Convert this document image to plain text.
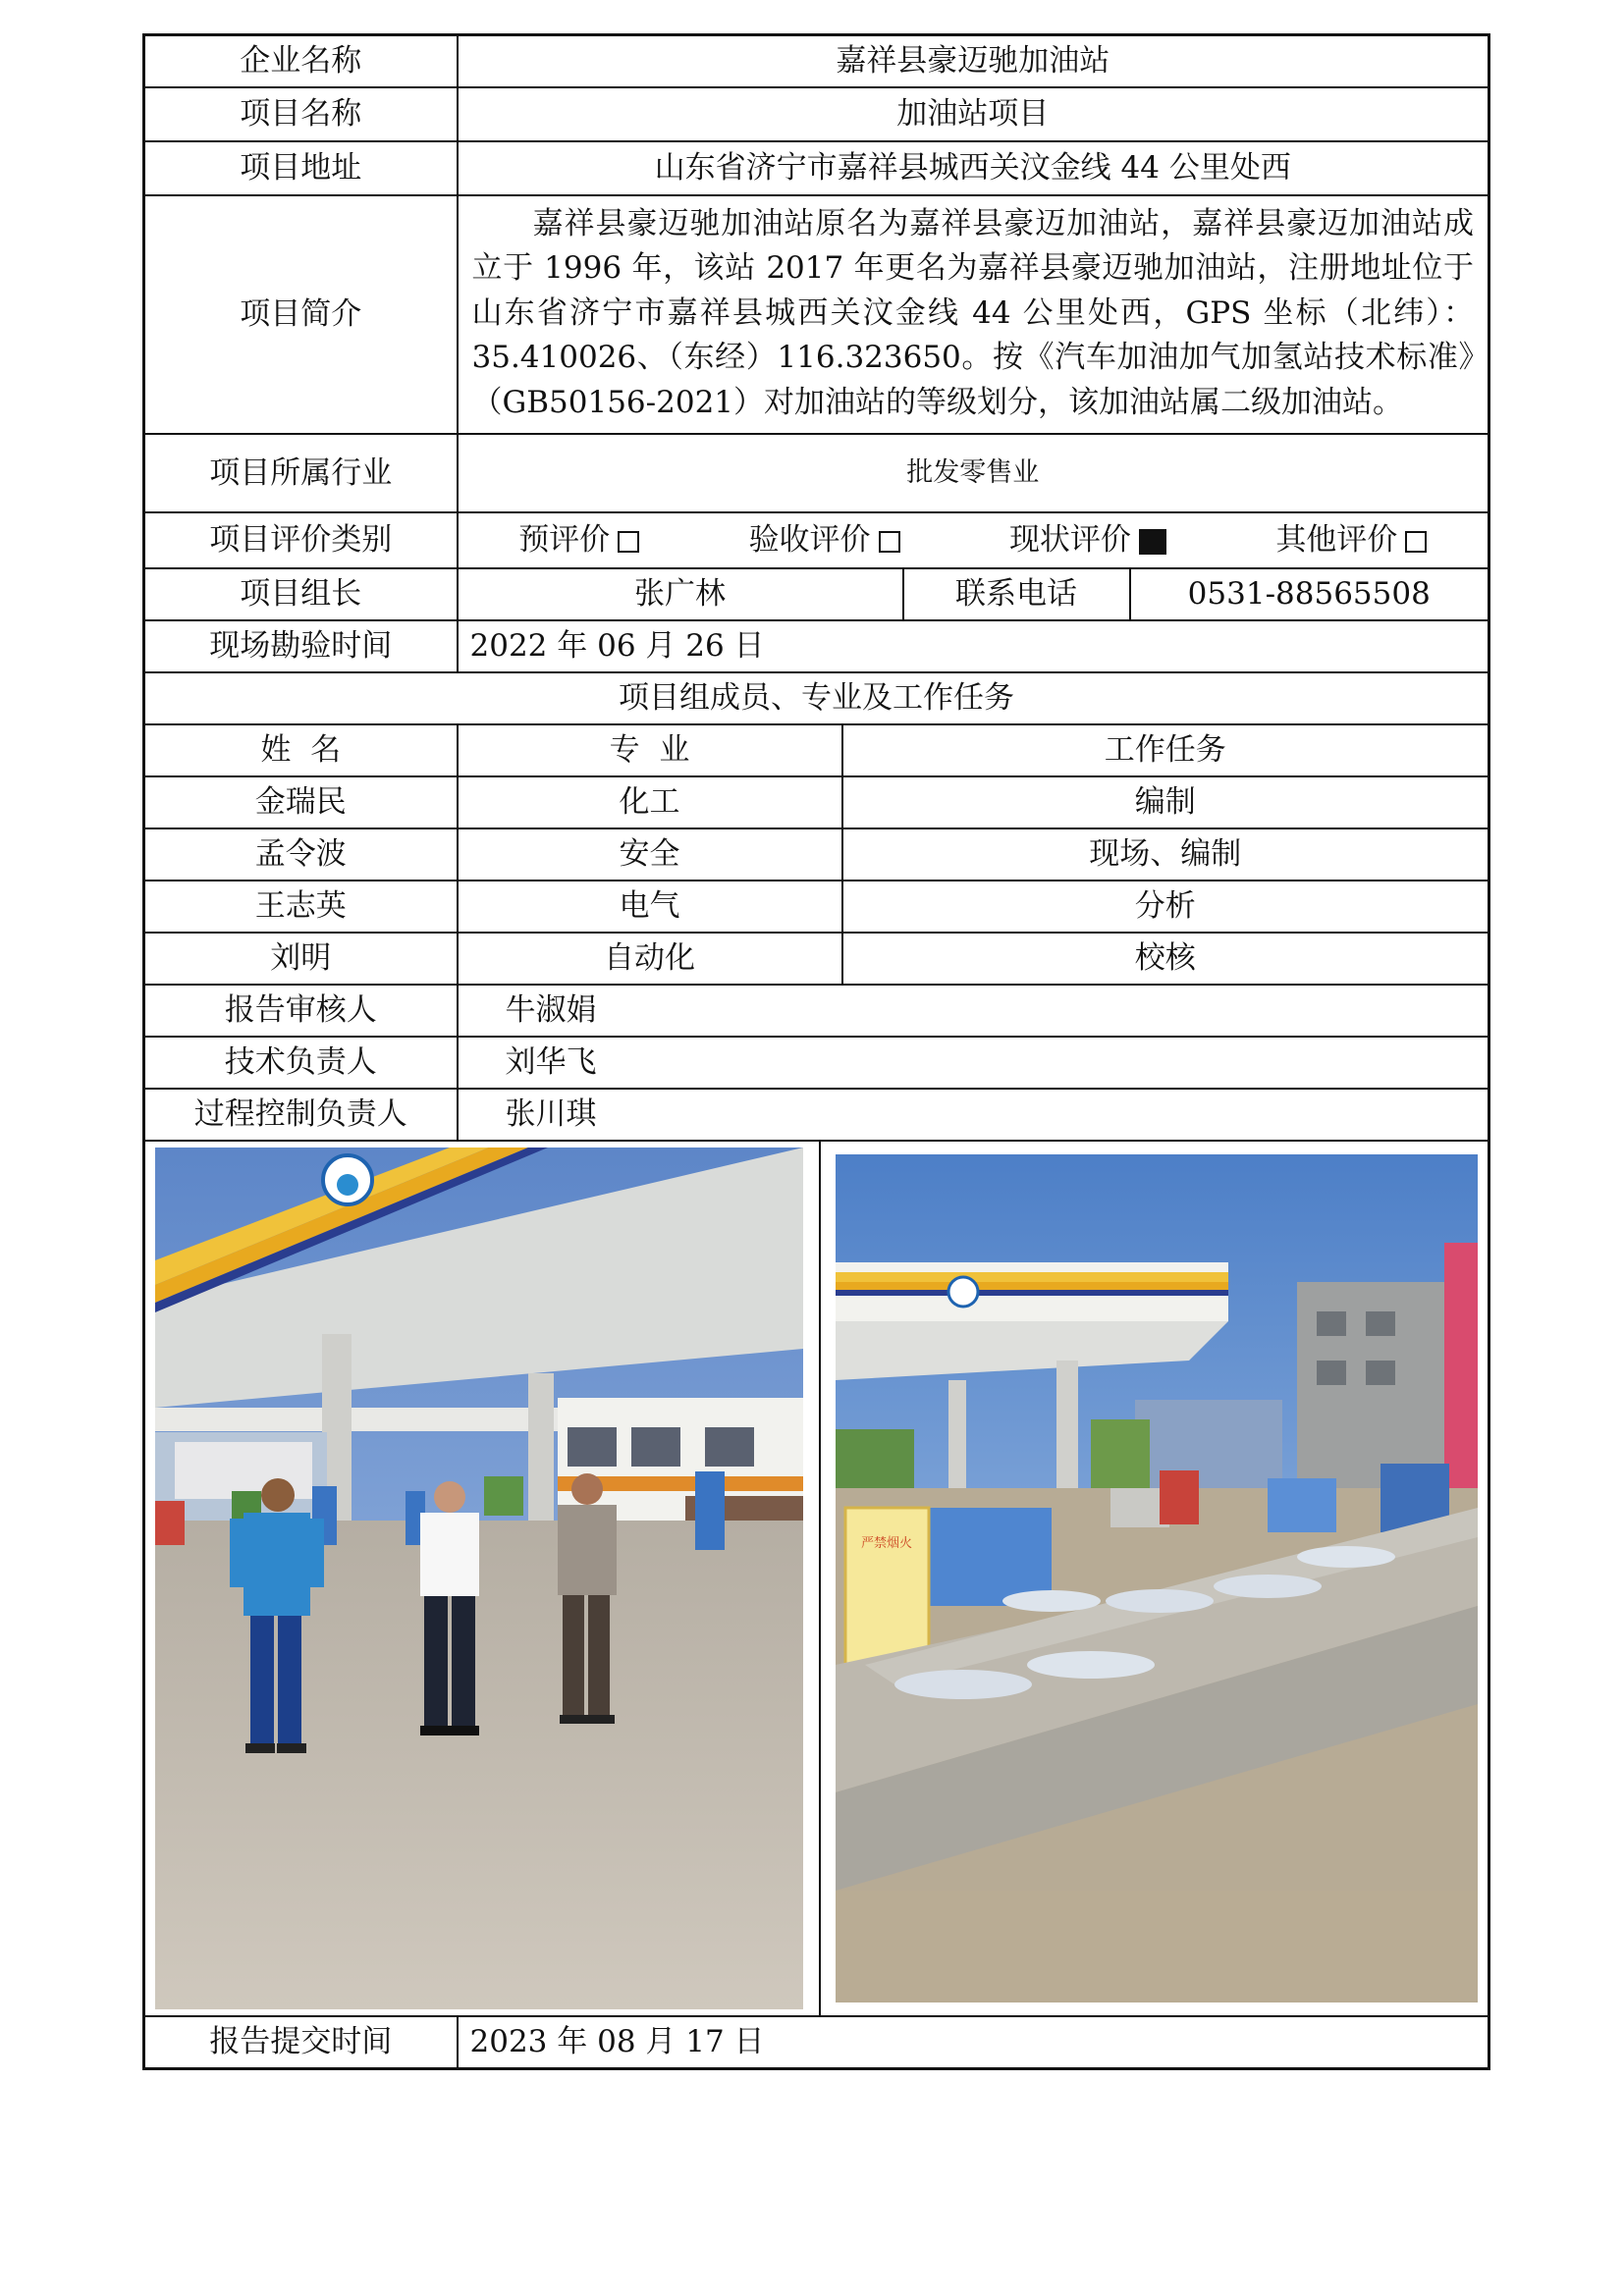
企业名称	嘉祥县豪迈驰加油站			
项目名称	加油站项目			
项目地址	山东省济宁市嘉祥县城西关汶金线 44 公里处西			
项目简介	嘉祥县豪迈驰加油站原名为嘉祥县豪迈加油站，嘉祥县豪迈加油站成立于 1996 年，该站 2017 年更名为嘉祥县豪迈驰加油站，注册地址位于山东省济宁市嘉祥县城西关汶金线 44 公里处西，GPS 坐标（北纬）：35.410026、（东经）116.323650。按《汽车加油加气加氢站技术标准》（GB50156-2021）对加油站的等级划分，该加油站属二级加油站。			

项目所属行业	批发零售业			
项目评价类别	预评价 验收评价 现状评价 其他评价			

项目组长	张广林		联系电话	0531-88565508
现场勘验时间	2022 年 06 月 26 日			
项目组成员、专业及工作任务				
姓  名	专  业	工作任务		
金瑞民	化工	编制		
孟令波	安全	现场、编制		
王志英	电气	分析		
刘明	自动化	校核		
报告审核人	牛淑娟			
技术负责人	刘华飞			
过程控制负责人	张川琪			

严禁烟火				

报告提交时间	2023 年 08 月 17 日			
